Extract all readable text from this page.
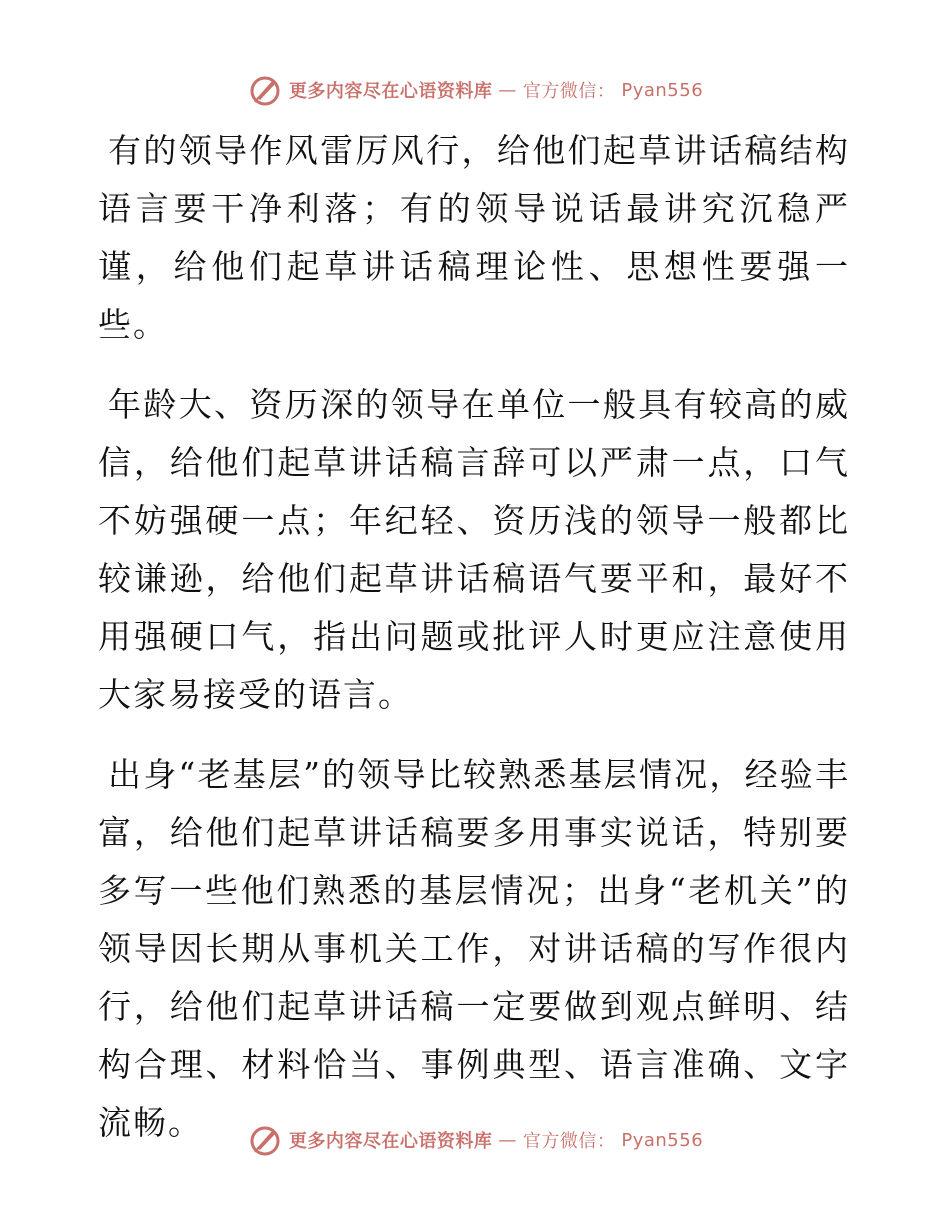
更多内容尽在心语资料库 — 官方微信： Pyan556

有的领导作风雷厉风行，给他们起草讲话稿结构语言要干净利落；有的领导说话最讲究沉稳严谨，给他们起草讲话稿理论性、思想性要强一些。

年龄大、资历深的领导在单位一般具有较高的威信，给他们起草讲话稿言辞可以严肃一点，口气不妨强硬一点；年纪轻、资历浅的领导一般都比较谦逊，给他们起草讲话稿语气要平和，最好不用强硬口气，指出问题或批评人时更应注意使用大家易接受的语言。

出身“老基层”的领导比较熟悉基层情况，经验丰富，给他们起草讲话稿要多用事实说话，特别要多写一些他们熟悉的基层情况；出身“老机关”的领导因长期从事机关工作，对讲话稿的写作很内行，给他们起草讲话稿一定要做到观点鲜明、结构合理、材料恰当、事例典型、语言准确、文字流畅。	更多内容尽在心语资料库 — 官方微信： Pyan556
